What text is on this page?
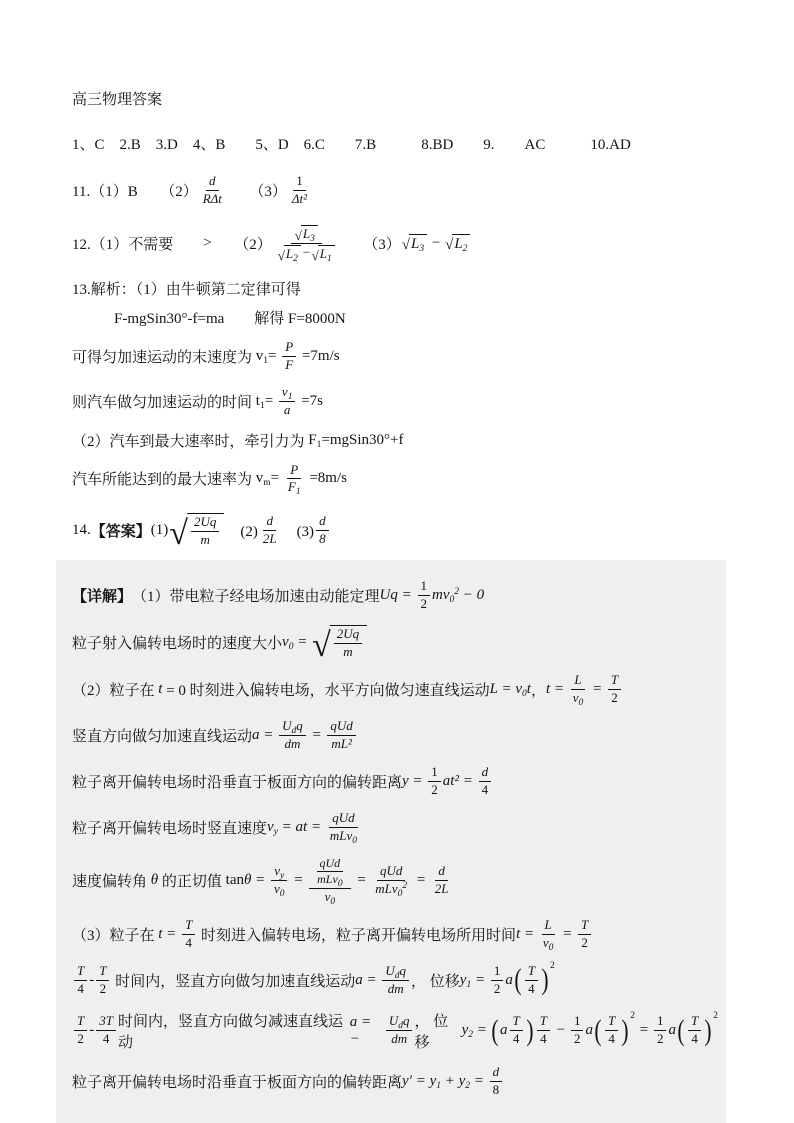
高三物理答案
1、C　2.B　3.D　4、B　　5、D　6.C　　7.B　　　8.BD　　9.　　AC　　　10.AD
11.（1）B　　$(2) \frac{d}{\text{RΔt}}$ 　　$(3) \frac{1}{\text{Δt²}}$
12.（1）不需要　　 > 　　$(2) \frac{√ L_3}{√ L_2 - √ L_1}$ 　　（3） √ $L_3$ − √ $L_2$
13.解析：（1）由牛顿第二定律可得
F-mgSin30°-f=ma　　解得 F=8000N
可得匀加速运动的末速度为 $v_1 = \frac{P}{F} =7m/s$
则汽车做匀加速运动的时间 $t_1 = \frac{v_1}{a} =7s$
（2）汽车到最大速率时，牵引力为 $F_1$ =mgSin30°+f
汽车所能达到的最大速率为 $v_m = \frac{P}{F_1} =8m/s$
14. 【答案】 (1) √ $\frac{2Uq}{m}$ 　$(2) \frac{d}{2L}$ 　$(3) \frac{d}{8}$
【详解】 （1）带电粒子经电场加速由动能定理 $Uq = \frac{1}{2}$ m $v_0^2 - 0$
粒子射入偏转电场时的速度大小 $v_0$ = √ $\frac{2Uq}{m}$
（2）粒子在 t = 0 时刻进入偏转电场，水平方向做匀速直线运动 $L = v_0$ t ， $t = \frac{L}{v_0} = \frac{T}{2}$
竖直方向做匀加速直线运动 $a = \frac{U_dq}{dm} = \frac{\text{qUd}}{\text{mL²}}$
粒子离开偏转电场时沿垂直于板面方向的偏转距离 $y = \frac{1}{2} at^2 = \frac{d}{4}$
粒子离开偏转电场时竖直速度 $v_y$ = at = $\frac{\text{qUd}}{mLv_0}$
速度偏转角 θ 的正切值 $\tan \theta = \frac{v_y}{v_0} = \frac{\frac{\text{qUd}}{mLv_0}}{v_0} = \frac{\text{qUd}}{mLv_0^2} = \frac{d}{2L}$
（3）粒子在 $t = \frac{T}{4}$ 时刻进入偏转电场，粒子离开偏转电场所用时间 $t = \frac{L}{v_0} = \frac{T}{2}$
$\frac{T}{4} - \frac{T}{2}$ 时间内，竖直方向做匀加速直线运动 $a = \frac{U_dq}{dm}$ ， 位移 $y_1 = \frac{1}{2}$ a ( $\frac{T}{4}$ ) 2
$\frac{T}{2} - \frac{3T}{4}$ 时间内，竖直方向做匀减速直线运动
a = −	$\frac{U_dq}{dm}$ ， 位移
$y_2$ = ( a $\frac{T}{4}$ ) $\frac{T}{4} - \frac{1}{2}$ a ( $\frac{T}{4}$ ) 2
= $\frac{1}{2}$ a ( $\frac{T}{4}$ ) 2
粒子离开偏转电场时沿垂直于板面方向的偏转距离 $y' = y_1 + y_2 = \frac{d}{8}$
